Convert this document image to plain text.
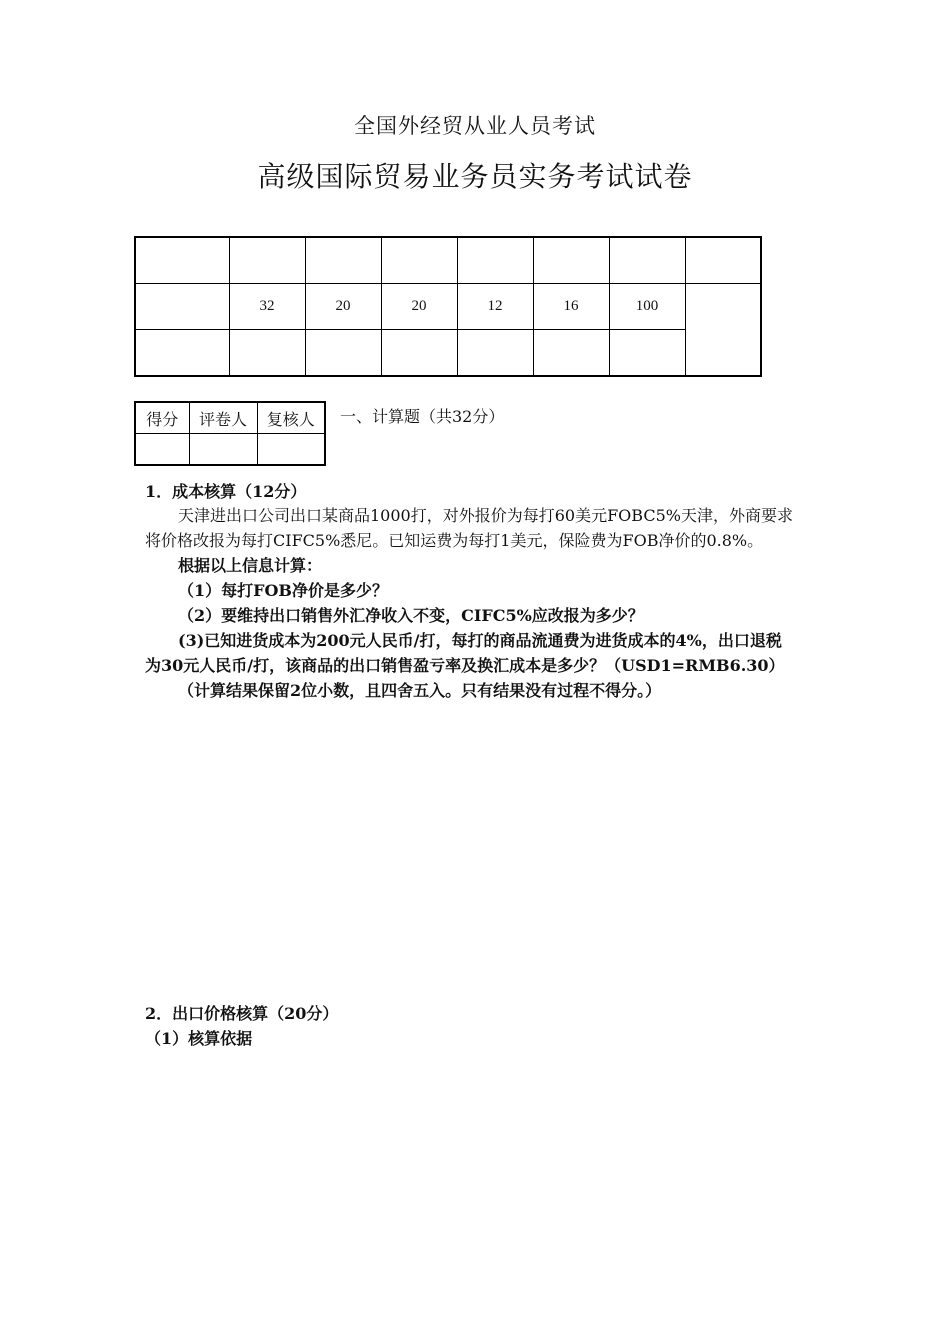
全国外经贸从业人员考试
高级国际贸易业务员实务考试试卷

	32	20	20	12	16	100	

得分	评卷人	复核人
		一、计算题（共32分）
1．成本核算（12分）
天津进出口公司出口某商品1000打，对外报价为每打60美元FOBC5%天津，外商要求
将价格改报为每打CIFC5%悉尼。已知运费为每打1美元，保险费为FOB净价的0.8%。
根据以上信息计算：
（1）每打FOB净价是多少？
（2）要维持出口销售外汇净收入不变，CIFC5%应改报为多少？
(3)已知进货成本为200元人民币/打，每打的商品流通费为进货成本的4%，出口退税
为30元人民币/打，该商品的出口销售盈亏率及换汇成本是多少？（USD1=RMB6.30）
（计算结果保留2位小数，且四舍五入。只有结果没有过程不得分。）
2．出口价格核算（20分）
（1）核算依据
